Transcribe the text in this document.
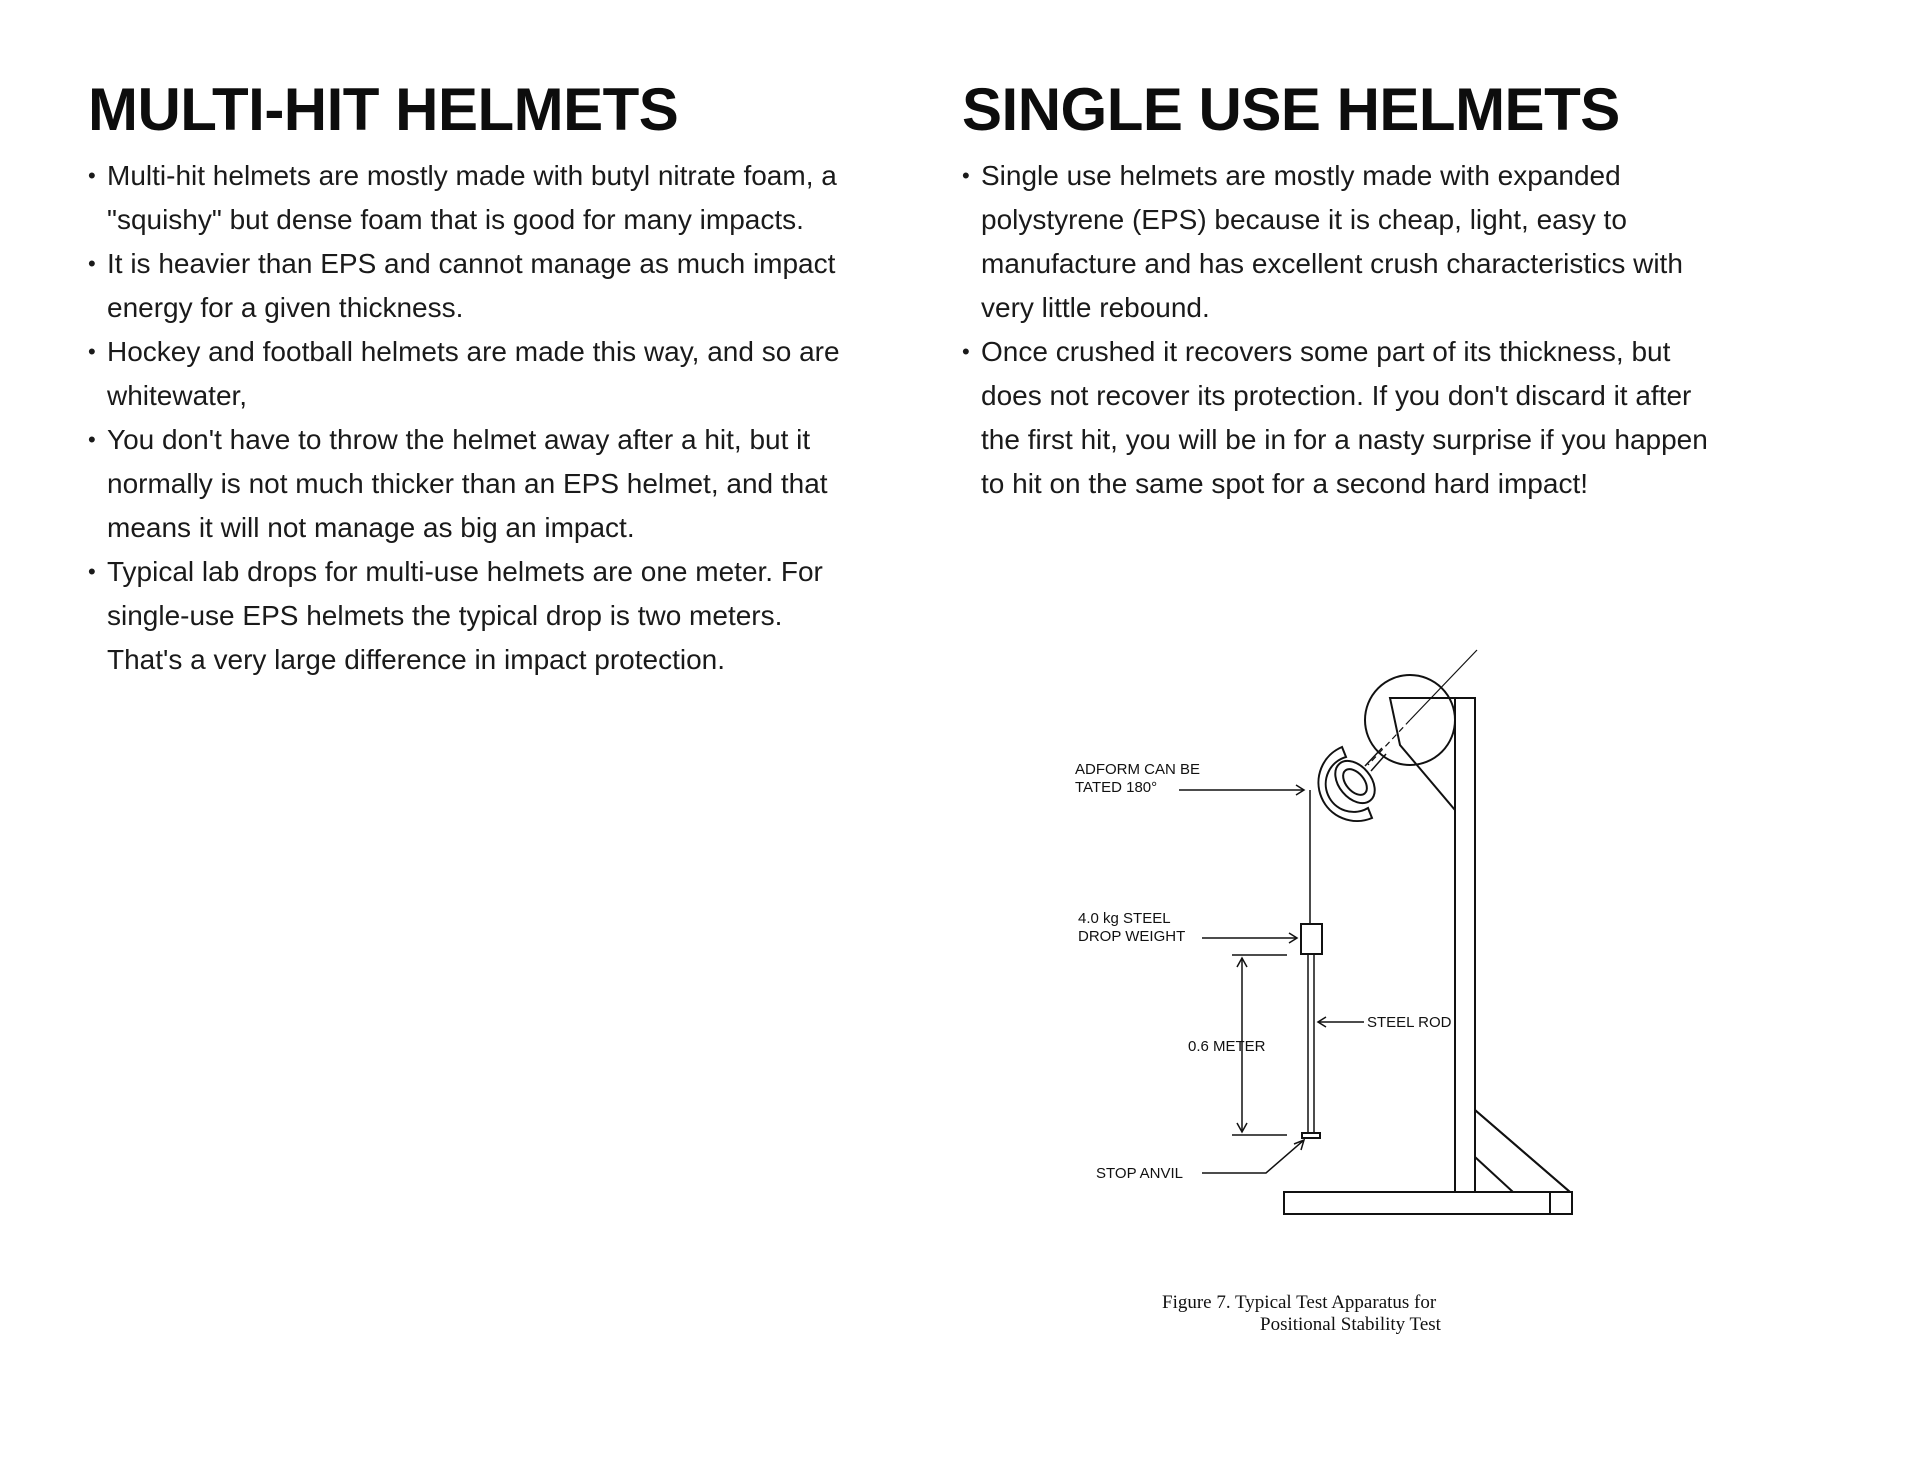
MULTI-HIT HELMETS
• Multi-hit helmets are mostly made with butyl nitrate foam, a "squishy" but dense foam that is good for many impacts.
• It is heavier than EPS and cannot manage as much impact energy for a given thickness.
• Hockey and football helmets are made this way, and so are whitewater,
• You don't have to throw the helmet away after a hit, but it normally is not much thicker than an EPS helmet, and that means it will not manage as big an impact.
• Typical lab drops for multi-use helmets are one meter. For single-use EPS helmets the typical drop is two meters. That's a very large difference in impact protection.
SINGLE USE HELMETS
• Single use helmets are mostly made with expanded polystyrene (EPS) because it is cheap, light, easy to manufacture and has excellent crush characteristics with very little rebound.
• Once crushed it recovers some part of its thickness, but does not recover its protection. If you don't discard it after the first hit, you will be in for a nasty surprise if you happen to hit on the same spot for a second hard impact!
ADFORM CAN BE
TATED 180°
4.0 kg STEEL
DROP WEIGHT
STEEL ROD
0.6 METER
STOP ANVIL
Figure 7. Typical Test Apparatus for
Positional Stability Test
